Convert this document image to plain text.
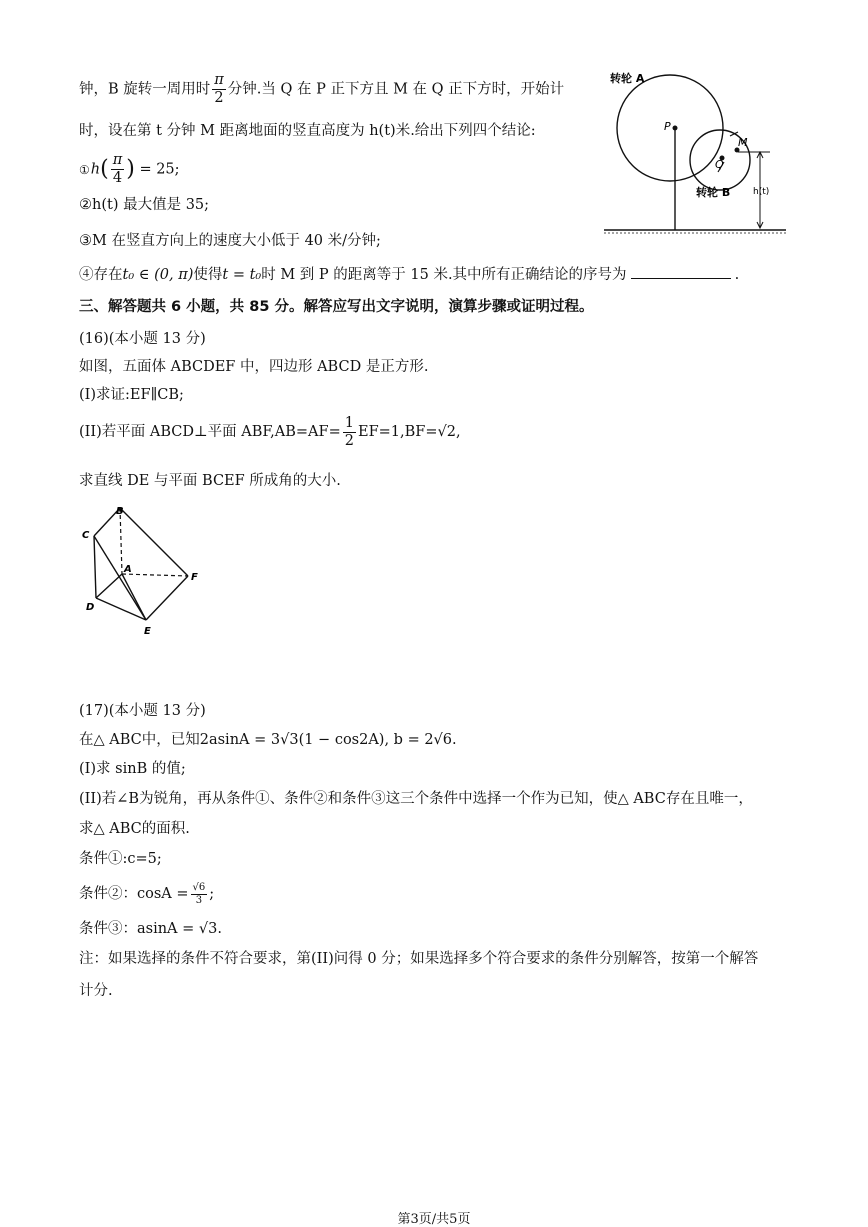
钟，B 旋转一周用时 $\frac{\pi}{2}$ 分钟.当 Q 在 P 正下方且 M 在 Q 正下方时，开始计
时，设在第 t 分钟 M 距离地面的竖直高度为 h(t)米.给出下列四个结论:
①h( $\frac{\pi}{4}$ ) = 25;
②h(t) 最大值是 35;
③M 在竖直方向上的速度大小低于 40 米/分钟;
④存在t₀ ∈ (0, π)使得t = t₀时 M 到 P 的距离等于 15 米.其中所有正确结论的序号为	.
转轮 A
转轮 B
P
Q
M
h(t)
三、解答题共 6 小题，共 85 分。解答应写出文字说明，演算步骤或证明过程。
(16)(本小题 13 分)
如图，五面体 ABCDEF 中，四边形 ABCD 是正方形.
(I)求证:EF∥CB;
(II)若平面 ABCD⊥平面 $ABF,AB=AF= \frac{1}{2} EF=1,BF=√2$,
求直线 DE 与平面 BCEF 所成角的大小.
B
C
A
F
D
E
(17)(本小题 13 分)
在△ ABC中，已知2asinA = 3√3(1 − cos2A), b = 2√6.
(I)求 sinB 的值;
(II)若∠B为锐角，再从条件①、条件②和条件③这三个条件中选择一个作为已知，使△ ABC存在且唯一，
求△ ABC的面积.
条件①:c=5;
条件②：$\cos A = \frac{√6}{3}$ ;
条件③：asinA = √3.
注：如果选择的条件不符合要求，第(II)问得 0 分；如果选择多个符合要求的条件分别解答，按第一个解答
计分.
第3页/共5页
